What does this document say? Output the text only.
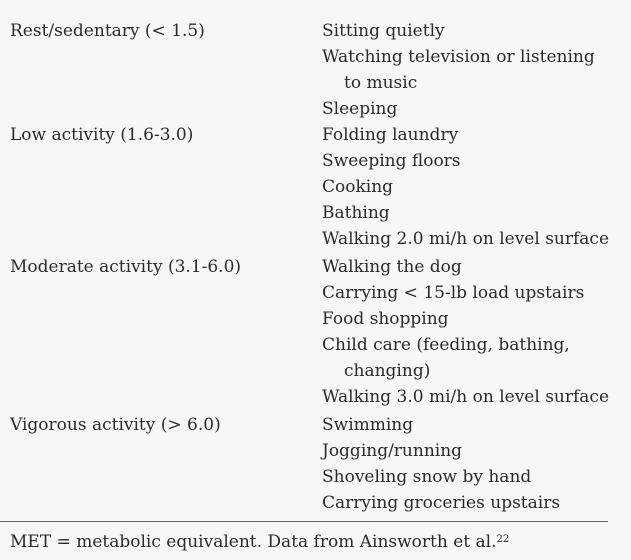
Rest/sedentary (< 1.5)	Sitting quietly
Watching television or listening
to music
Sleeping
Low activity (1.6-3.0)	Folding laundry
Sweeping floors
Cooking
Bathing
Walking 2.0 mi/h on level surface
Moderate activity (3.1-6.0)	Walking the dog
Carrying < 15-lb load upstairs
Food shopping
Child care (feeding, bathing,
changing)
Walking 3.0 mi/h on level surface
Vigorous activity (> 6.0)	Swimming
Jogging/running
Shoveling snow by hand
Carrying groceries upstairs
MET = metabolic equivalent. Data from Ainsworth et al.$^{22}$
